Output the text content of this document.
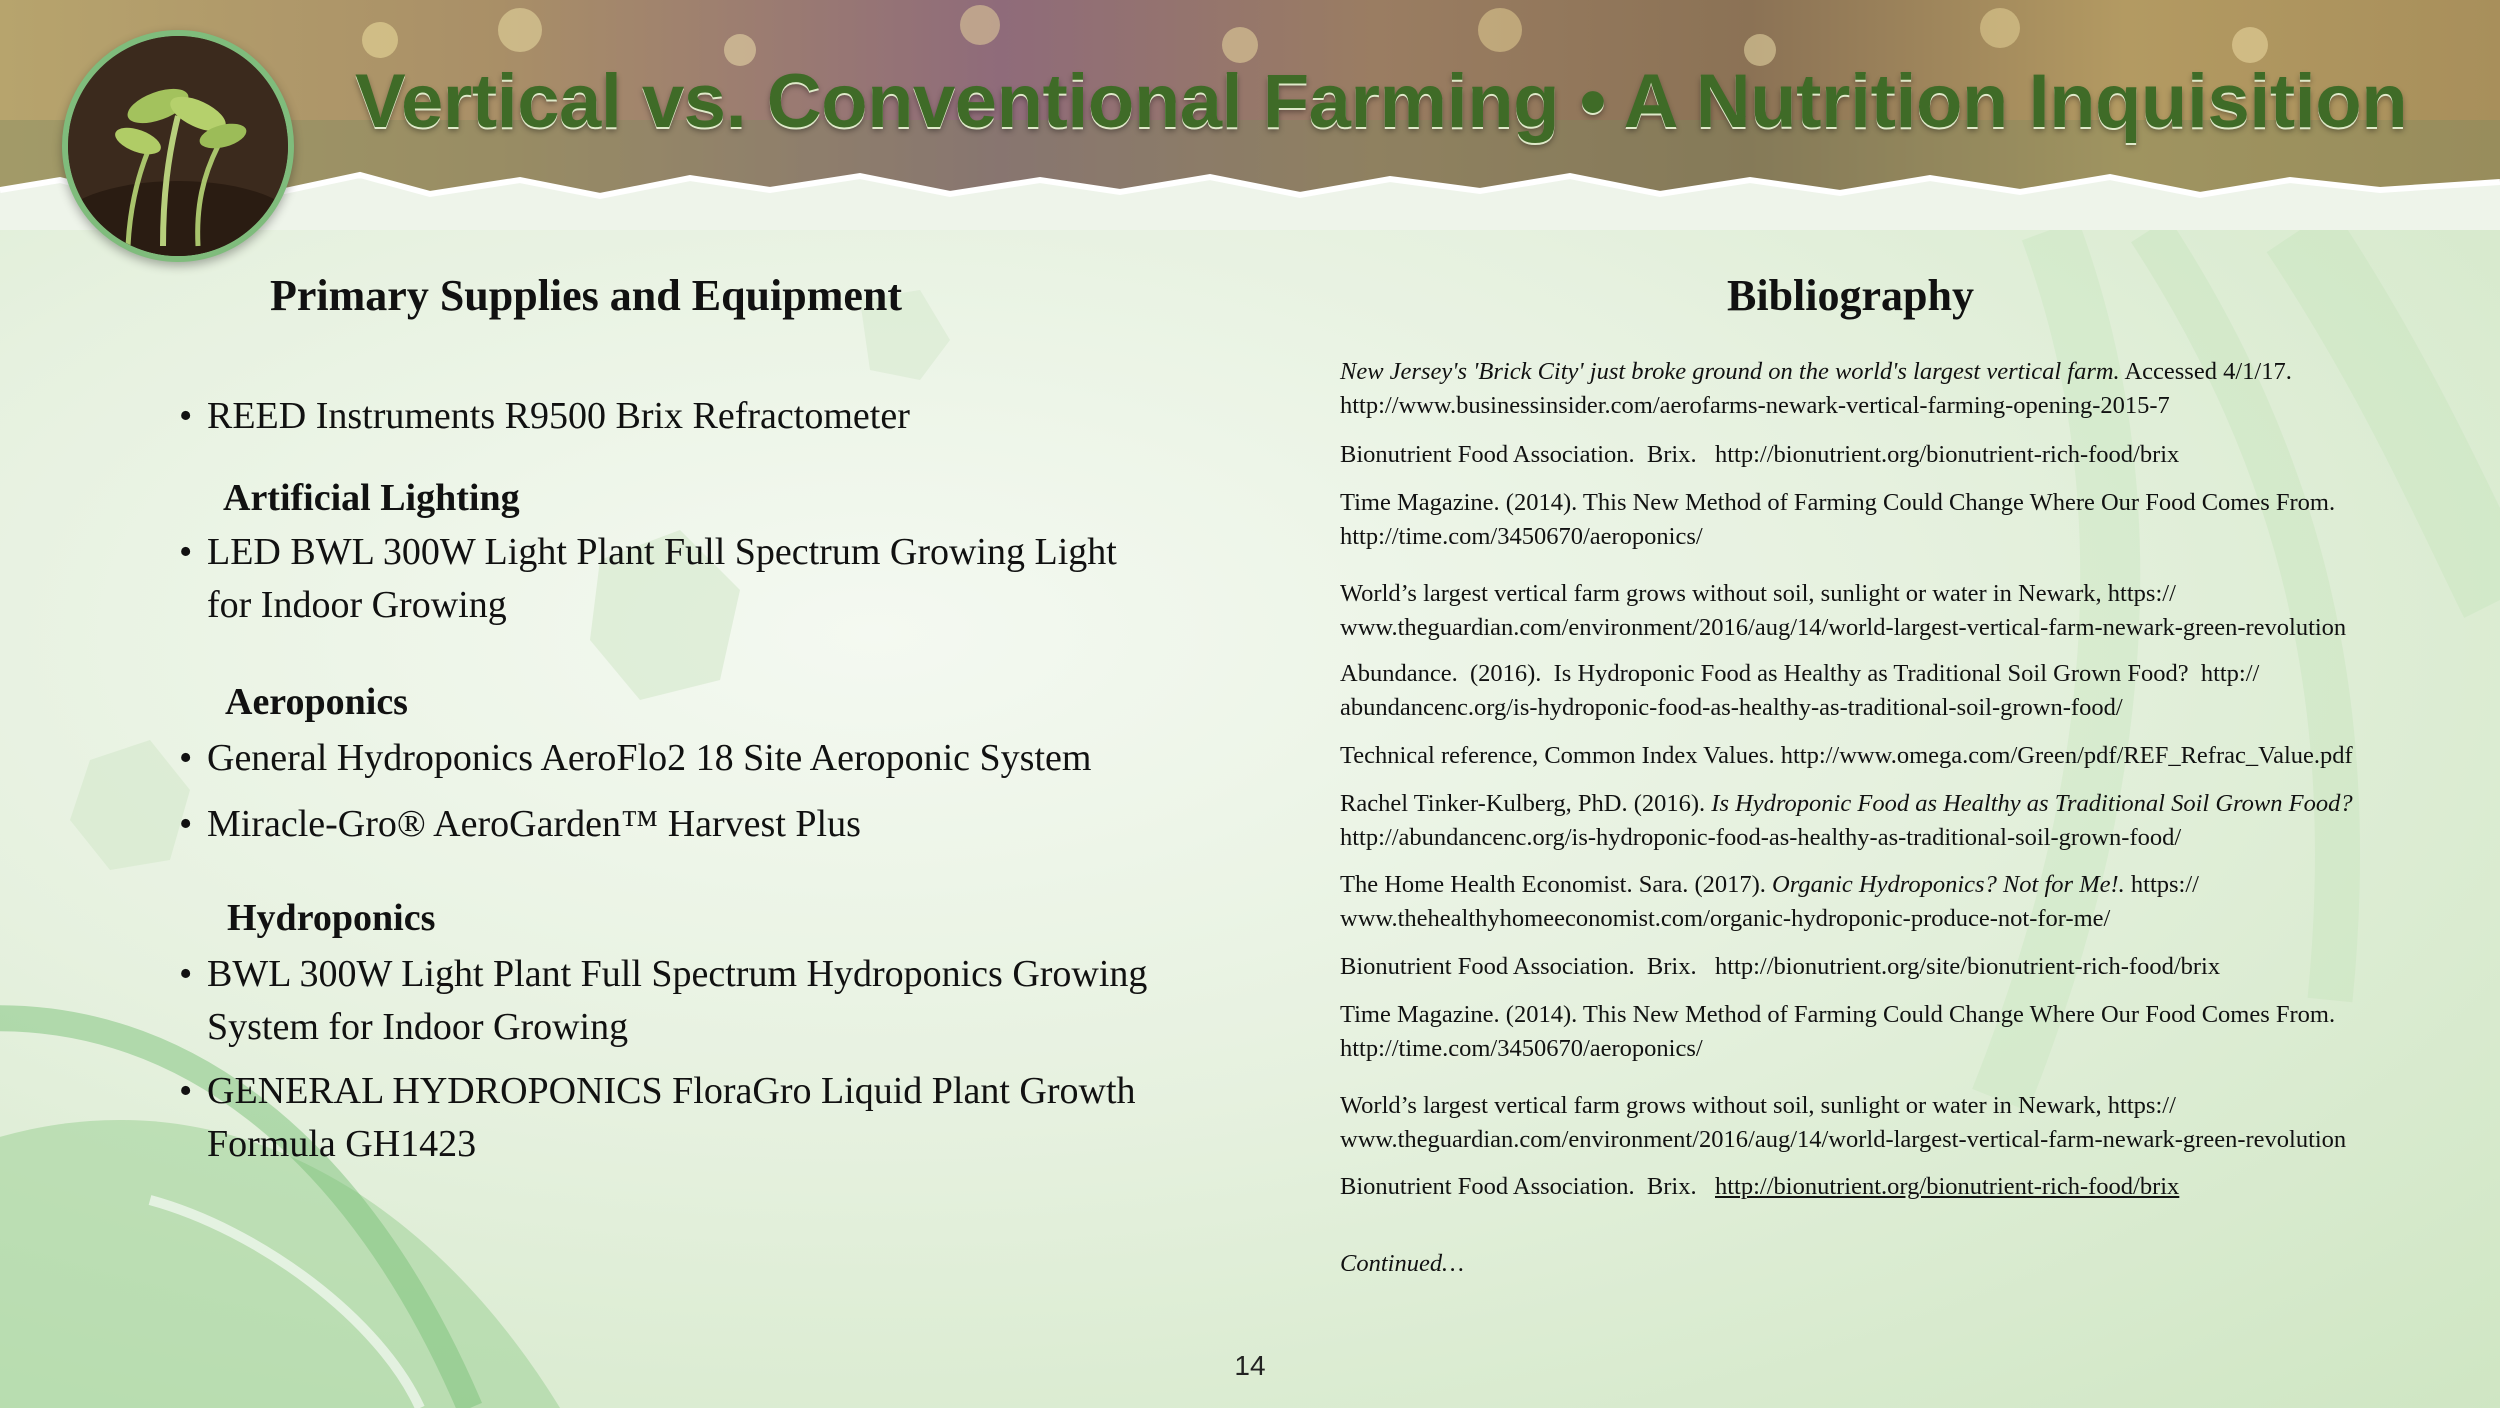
Vertical vs. Conventional Farming • A Nutrition Inquisition
Primary Supplies and Equipment
• REED Instruments R9500 Brix Refractometer
Artificial Lighting
• LED BWL 300W Light Plant Full Spectrum Growing Light
for Indoor Growing
Aeroponics
• General Hydroponics AeroFlo2 18 Site Aeroponic System
• Miracle-Gro® AeroGarden™ Harvest Plus
Hydroponics
• BWL 300W Light Plant Full Spectrum Hydroponics Growing
System for Indoor Growing
• GENERAL HYDROPONICS FloraGro Liquid Plant Growth
Formula GH1423
Bibliography
New Jersey's 'Brick City' just broke ground on the world's largest vertical farm. Accessed 4/1/17.
http://www.businessinsider.com/aerofarms-newark-vertical-farming-opening-2015-7
Bionutrient Food Association.  Brix.   http://bionutrient.org/bionutrient-rich-food/brix
Time Magazine. (2014). This New Method of Farming Could Change Where Our Food Comes From.
http://time.com/3450670/aeroponics/
World’s largest vertical farm grows without soil, sunlight or water in Newark, https://
www.theguardian.com/environment/2016/aug/14/world-largest-vertical-farm-newark-green-revolution
Abundance.  (2016).  Is Hydroponic Food as Healthy as Traditional Soil Grown Food?  http://
abundancenc.org/is-hydroponic-food-as-healthy-as-traditional-soil-grown-food/
Technical reference, Common Index Values. http://www.omega.com/Green/pdf/REF_Refrac_Value.pdf
Rachel Tinker-Kulberg, PhD. (2016). Is Hydroponic Food as Healthy as Traditional Soil Grown Food?
http://abundancenc.org/is-hydroponic-food-as-healthy-as-traditional-soil-grown-food/
The Home Health Economist. Sara. (2017). Organic Hydroponics? Not for Me!. https://
www.thehealthyhomeeconomist.com/organic-hydroponic-produce-not-for-me/
Bionutrient Food Association.  Brix.   http://bionutrient.org/site/bionutrient-rich-food/brix
Time Magazine. (2014). This New Method of Farming Could Change Where Our Food Comes From.
http://time.com/3450670/aeroponics/
World’s largest vertical farm grows without soil, sunlight or water in Newark, https://
www.theguardian.com/environment/2016/aug/14/world-largest-vertical-farm-newark-green-revolution
Bionutrient Food Association.  Brix.   http://bionutrient.org/bionutrient-rich-food/brix
Continued…
14
